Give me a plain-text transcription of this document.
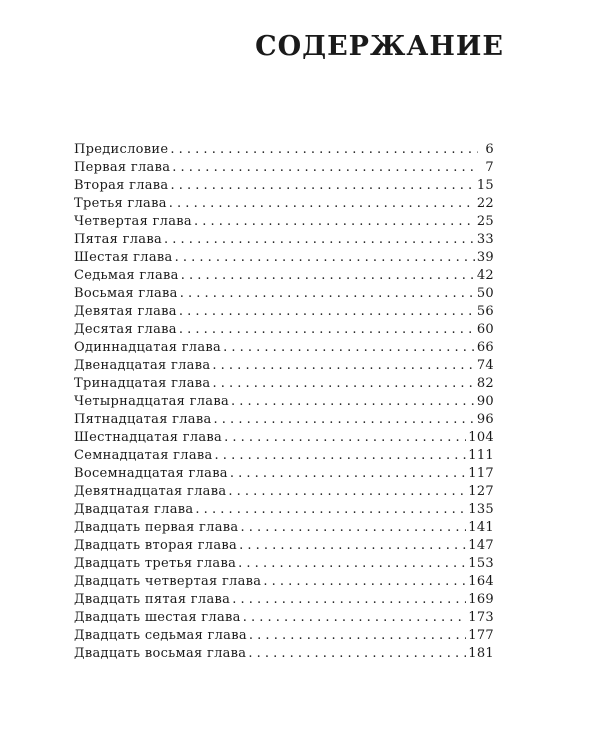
СОДЕРЖАНИЕ
Предисловие . . .	6
Первая глава . . .	7
Вторая глава . . .	15
Третья глава . . .	22
Четвертая глава . . .	25
Пятая глава . . .	33
Шестая глава . . .	39
Седьмая глава . . .	42
Восьмая глава . . .	50
Девятая глава . . .	56
Десятая глава . . .	60
Одиннадцатая глава . . .	66
Двенадцатая глава . . .	74
Тринадцатая глава . . .	82
Четырнадцатая глава . . .	90
Пятнадцатая глава . . .	96
Шестнадцатая глава . . .	104
Семнадцатая глава . . .	111
Восемнадцатая глава . . .	117
Девятнадцатая глава . . .	127
Двадцатая глава . . .	135
Двадцать первая глава . . .	141
Двадцать вторая глава . . .	147
Двадцать третья глава . . .	153
Двадцать четвертая глава . . .	164
Двадцать пятая глава . . .	169
Двадцать шестая глава . . .	173
Двадцать седьмая глава . . .	177
Двадцать восьмая глава . . .	181
